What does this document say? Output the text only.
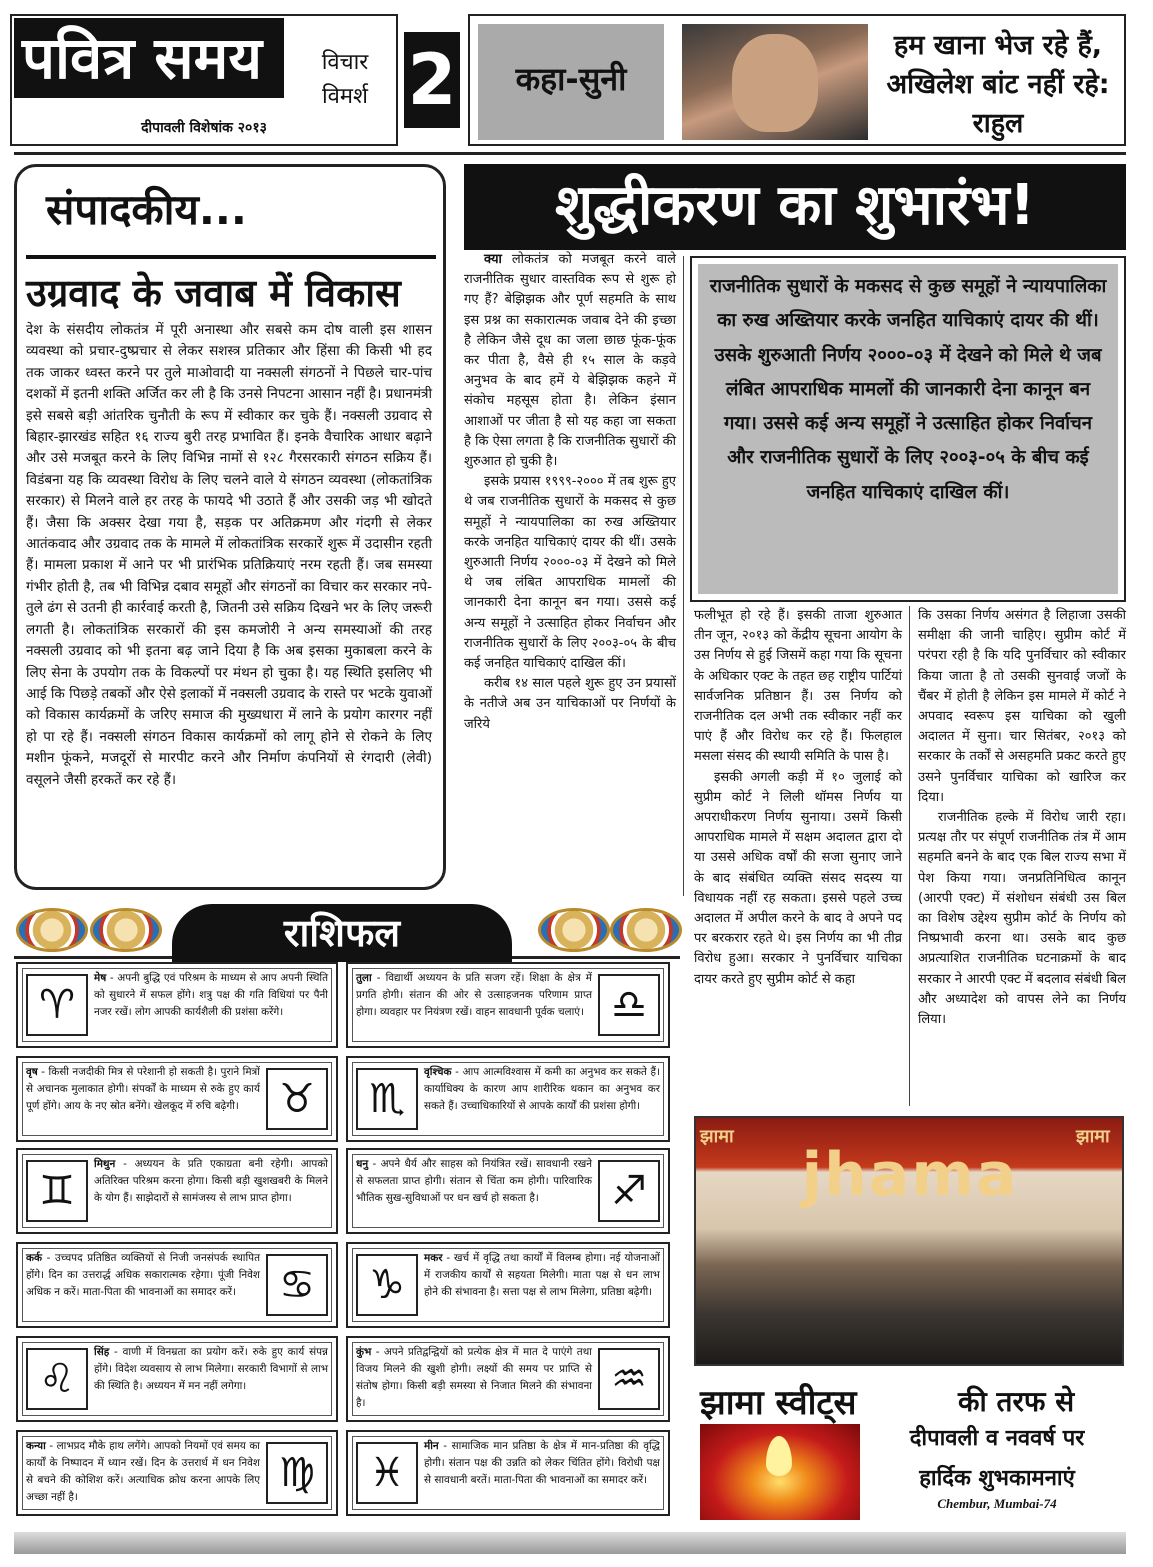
पवित्र समय	विचार
विमर्श
दीपावली विशेषांक २०१३
2	कहा-सुनी
हम खाना भेज रहे हैं, अखिलेश बांट नहीं रहे: राहुल
संपादकीय...
उग्रवाद के जवाब में विकास
देश के संसदीय लोकतंत्र में पूरी अनास्था और सबसे कम दोष वाली इस शासन व्यवस्था को प्रचार-दुष्प्रचार से लेकर सशस्त्र प्रतिकार और हिंसा की किसी भी हद तक जाकर ध्वस्त करने पर तुले माओवादी या नक्सली संगठनों ने पिछले चार-पांच दशकों में इतनी शक्ति अर्जित कर ली है कि उनसे निपटना आसान नहीं है। प्रधानमंत्री इसे सबसे बड़ी आंतरिक चुनौती के रूप में स्वीकार कर चुके हैं। नक्सली उग्रवाद से बिहार-झारखंड सहित १६ राज्य बुरी तरह प्रभावित हैं। इनके वैचारिक आधार बढ़ाने और उसे मजबूत करने के लिए विभिन्न नामों से १२८ गैरसरकारी संगठन सक्रिय हैं। विडंबना यह कि व्यवस्था विरोध के लिए चलने वाले ये संगठन व्यवस्था (लोकतांत्रिक सरकार) से मिलने वाले हर तरह के फायदे भी उठाते हैं और उसकी जड़ भी खोदते हैं। जैसा कि अक्सर देखा गया है, सड़क पर अतिक्रमण और गंदगी से लेकर आतंकवाद और उग्रवाद तक के मामले में लोकतांत्रिक सरकारें शुरू में उदासीन रहती हैं। मामला प्रकाश में आने पर भी प्रारंभिक प्रतिक्रियाएं नरम रहती हैं। जब समस्या गंभीर होती है, तब भी विभिन्न दबाव समूहों और संगठनों का विचार कर सरकार नपे-तुले ढंग से उतनी ही कार्रवाई करती है, जितनी उसे सक्रिय दिखने भर के लिए जरूरी लगती है। लोकतांत्रिक सरकारों की इस कमजोरी ने अन्य समस्याओं की तरह नक्सली उग्रवाद को भी इतना बढ़ जाने दिया है कि अब इसका मुकाबला करने के लिए सेना के उपयोग तक के विकल्पों पर मंथन हो चुका है। यह स्थिति इसलिए भी आई कि पिछड़े तबकों और ऐसे इलाकों में नक्सली उग्रवाद के रास्ते पर भटके युवाओं को विकास कार्यक्रमों के जरिए समाज की मुख्यधारा में लाने के प्रयोग कारगर नहीं हो पा रहे हैं। नक्सली संगठन विकास कार्यक्रमों को लागू होने से रोकने के लिए मशीन फूंकने, मजदूरों से मारपीट करने और निर्माण कंपनियों से रंगदारी (लेवी) वसूलने जैसी हरकतें कर रहे हैं।
शुद्धीकरण का शुभारंभ!

क्या लोकतंत्र को मजबूत करने वाले राजनीतिक सुधार वास्तविक रूप से शुरू हो गए हैं? बेझिझक और पूर्ण सहमति के साथ इस प्रश्न का सकारात्मक जवाब देने की इच्छा है लेकिन जैसे दूध का जला छाछ फूंक-फूंक कर पीता है, वैसे ही १५ साल के कड़वे अनुभव के बाद हमें ये बेझिझक कहने में संकोच महसूस होता है। लेकिन इंसान आशाओं पर जीता है सो यह कहा जा सकता है कि ऐसा लगता है कि राजनीतिक सुधारों की शुरुआत हो चुकी है।

इसके प्रयास १९९९-२००० में तब शुरू हुए थे जब राजनीतिक सुधारों के मकसद से कुछ समूहों ने न्यायपालिका का रुख अख्तियार करके जनहित याचिकाएं दायर की थीं। उसके शुरुआती निर्णय २०००-०३ में देखने को मिले थे जब लंबित आपराधिक मामलों की जानकारी देना कानून बन गया। उससे कई अन्य समूहों ने उत्साहित होकर निर्वाचन और राजनीतिक सुधारों के लिए २००३-०५ के बीच कई जनहित याचिकाएं दाखिल कीं।

करीब १४ साल पहले शुरू हुए उन प्रयासों के नतीजे अब उन याचिकाओं पर निर्णयों के जरिये

राजनीतिक सुधारों के मकसद से कुछ समूहों ने न्यायपालिका का रुख अख्तियार करके जनहित याचिकाएं दायर की थीं। उसके शुरुआती निर्णय २०००-०३ में देखने को मिले थे जब लंबित आपराधिक मामलों की जानकारी देना कानून बन गया। उससे कई अन्य समूहों ने उत्साहित होकर निर्वाचन और राजनीतिक सुधारों के लिए २००३-०५ के बीच कई जनहित याचिकाएं दाखिल कीं।

फलीभूत हो रहे हैं। इसकी ताजा शुरुआत तीन जून, २०१३ को केंद्रीय सूचना आयोग के उस निर्णय से हुई जिसमें कहा गया कि सूचना के अधिकार एक्ट के तहत छह राष्ट्रीय पार्टियां सार्वजनिक प्रतिष्ठान हैं। उस निर्णय को राजनीतिक दल अभी तक स्वीकार नहीं कर पाएं हैं और विरोध कर रहे हैं। फिलहाल मसला संसद की स्थायी समिति के पास है।

इसकी अगली कड़ी में १० जुलाई को सुप्रीम कोर्ट ने लिली थॉमस निर्णय या अपराधीकरण निर्णय सुनाया। उसमें किसी आपराधिक मामले में सक्षम अदालत द्वारा दो या उससे अधिक वर्षों की सजा सुनाए जाने के बाद संबंधित व्यक्ति संसद सदस्य या विधायक नहीं रह सकता। इससे पहले उच्च अदालत में अपील करने के बाद वे अपने पद पर बरकरार रहते थे। इस निर्णय का भी तीव्र विरोध हुआ। सरकार ने पुनर्विचार याचिका दायर करते हुए सुप्रीम कोर्ट से कहा

कि उसका निर्णय असंगत है लिहाजा उसकी समीक्षा की जानी चाहिए। सुप्रीम कोर्ट में परंपरा रही है कि यदि पुनर्विचार को स्वीकार किया जाता है तो उसकी सुनवाई जजों के चैंबर में होती है लेकिन इस मामले में कोर्ट ने अपवाद स्वरूप इस याचिका को खुली अदालत में सुना। चार सितंबर, २०१३ को सरकार के तर्कों से असहमति प्रकट करते हुए उसने पुनर्विचार याचिका को खारिज कर दिया।

राजनीतिक हल्के में विरोध जारी रहा। प्रत्यक्ष तौर पर संपूर्ण राजनीतिक तंत्र में आम सहमति बनने के बाद एक बिल राज्य सभा में पेश किया गया। जनप्रतिनिधित्व कानून (आरपी एक्ट) में संशोधन संबंधी उस बिल का विशेष उद्देश्य सुप्रीम कोर्ट के निर्णय को निष्प्रभावी करना था। उसके बाद कुछ अप्रत्याशित राजनीतिक घटनाक्रमों के बाद सरकार ने आरपी एक्ट में बदलाव संबंधी बिल और अध्यादेश को वापस लेने का निर्णय लिया।

राशिफल
♈
मेष - अपनी बुद्धि एवं परिश्रम के माध्यम से आप अपनी स्थिति को सुधारने में सफल होंगे। शत्रु पक्ष की गति विधियां पर पैनी नजर रखें। लोग आपकी कार्यशैली की प्रशंसा करेंगे।	♎
तुला - विद्यार्थी अध्ययन के प्रति सजग रहें। शिक्षा के क्षेत्र में प्रगति होगी। संतान की ओर से उत्साहजनक परिणाम प्राप्त होगा। व्यवहार पर नियंत्रण रखें। वाहन सावधानी पूर्वक चलाएं।
♉
वृष - किसी नजदीकी मित्र से परेशानी हो सकती है। पुराने मित्रों से अचानक मुलाकात होगी। संपर्कों के माध्यम से रुके हुए कार्य पूर्ण होंगे। आय के नए स्रोत बनेंगे। खेलकूद में रुचि बढ़ेगी।	♏
वृश्चिक - आप आत्मविश्वास में कमी का अनुभव कर सकते हैं। कार्याधिक्य के कारण आप शारीरिक थकान का अनुभव कर सकते हैं। उच्चाधिकारियों से आपके कार्यों की प्रशंसा होगी।
♊
मिथुन - अध्ययन के प्रति एकाग्रता बनी रहेगी। आपको अतिरिक्त परिश्रम करना होगा। किसी बड़ी खुशखबरी के मिलने के योग हैं। साझेदारों से सामंजस्य से लाभ प्राप्त होगा।	♐
धनु - अपने धैर्य और साहस को नियंत्रित रखें। सावधानी रखने से सफलता प्राप्त होगी। संतान से चिंता कम होगी। पारिवारिक भौतिक सुख-सुविधाओं पर धन खर्च हो सकता है।
♋
कर्क - उच्चपद प्रतिष्ठित व्यक्तियों से निजी जनसंपर्क स्थापित होंगे। दिन का उत्तरार्द्ध अधिक सकारात्मक रहेगा। पूंजी निवेश अधिक न करें। माता-पिता की भावनाओं का समादर करें।	♑
मकर - खर्च में वृद्धि तथा कार्यों में विलम्ब होगा। नई योजनाओं में राजकीय कार्यों से सहयता मिलेगी। माता पक्ष से धन लाभ होने की संभावना है। सत्ता पक्ष से लाभ मिलेगा, प्रतिष्ठा बढ़ेगी।
♌
सिंह - वाणी में विनम्रता का प्रयोग करें। रुके हुए कार्य संपन्न होंगे। विदेश व्यवसाय से लाभ मिलेगा। सरकारी विभागों से लाभ की स्थिति है। अध्ययन में मन नहीं लगेगा।	♒
कुंभ - अपने प्रतिद्वन्द्वियों को प्रत्येक क्षेत्र में मात दे पाएंगे तथा विजय मिलने की खुशी होगी। लक्ष्यों की समय पर प्राप्ति से संतोष होगा। किसी बड़ी समस्या से निजात मिलने की संभावना है।
♍
कन्या - लाभप्रद मौके हाथ लगेंगे। आपको नियमों एवं समय का कार्यों के निष्पादन में ध्यान रखें। दिन के उत्तरार्ध में धन निवेश से बचने की कोशिश करें। अत्याधिक क्रोध करना आपके लिए अच्छा नहीं है।
♓
मीन - सामाजिक मान प्रतिष्ठा के क्षेत्र में मान-प्रतिष्ठा की वृद्धि होगी। संतान पक्ष की उन्नति को लेकर चिंतित होंगे। विरोधी पक्ष से सावधानी बरतें। माता-पिता की भावनाओं का समादर करें।
झामा
jhama
झामा
झामा स्वीट्स	की तरफ से
दीपावली व नववर्ष पर
हार्दिक शुभकामनाएं
Chembur, Mumbai-74
